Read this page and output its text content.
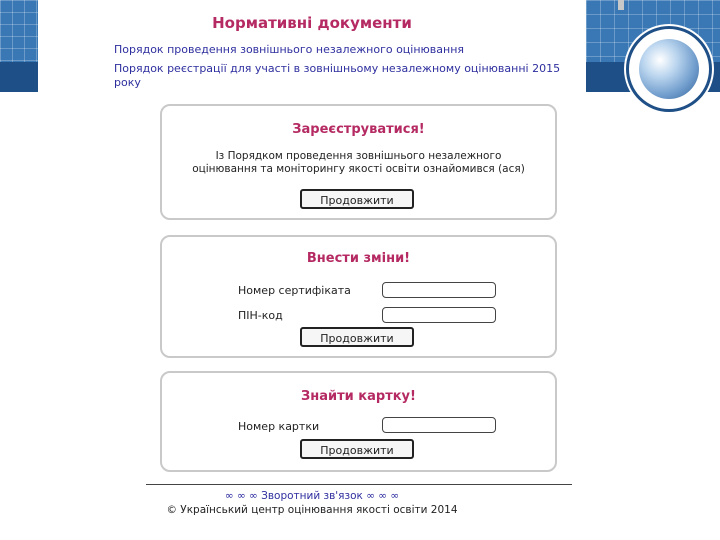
Нормативні документи
Порядок проведення зовнішнього незалежного оцінювання
Порядок реєстрації для участі в зовнішньому незалежному оцінюванні 2015
року
Зареєструватися!
Із Порядком проведення зовнішнього незалежного оцінювання та моніторингу якості освіти ознайомився (ася)
Продовжити
Внести зміни!
Номер сертифіката
ПІН-код
Продовжити
Знайти картку!
Номер картки
Продовжити
∞ ∞ ∞ Зворотний зв'язок ∞ ∞ ∞
© Український центр оцінювання якості освіти 2014
